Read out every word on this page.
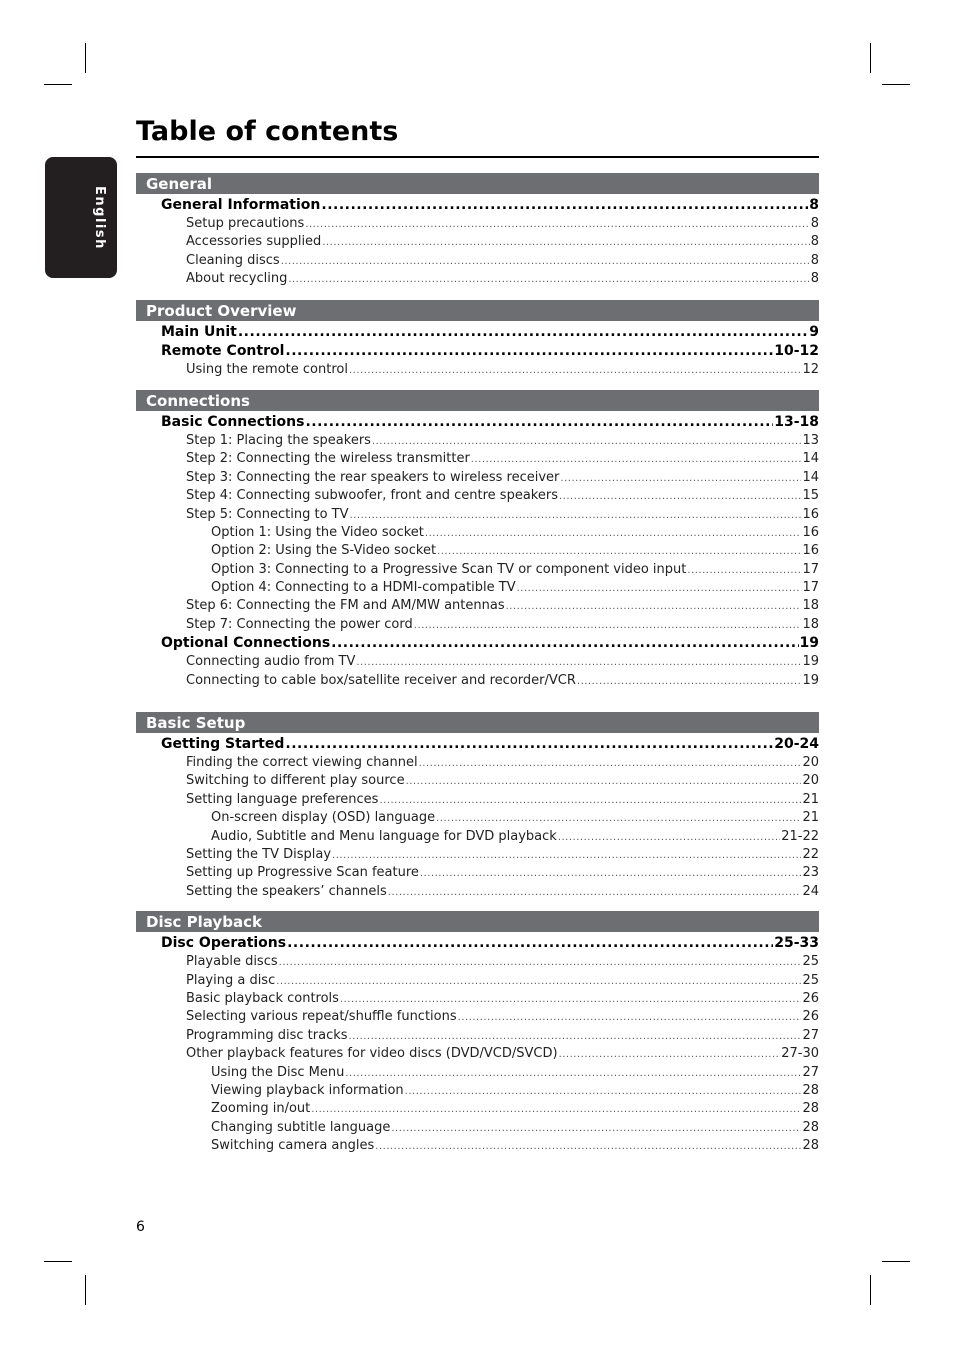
English
Table of contents
General
General Information .....	8
Setup precautions .....	8
Accessories supplied .....	8
Cleaning discs .....	8
About recycling .....	8
Product Overview
Main Unit .....	9
Remote Control .....	10-12
Using the remote control .....	12
Connections
Basic Connections .....	13-18
Step 1: Placing the speakers .....	13
Step 2: Connecting the wireless transmitter .....	14
Step 3: Connecting the rear speakers to wireless receiver .....	14
Step 4: Connecting subwoofer, front and centre speakers .....	15
Step 5: Connecting to TV .....	16
Option 1: Using the Video socket .....	16
Option 2: Using the S-Video socket .....	16
Option 3: Connecting to a Progressive Scan TV or component video input .....	17
Option 4: Connecting to a HDMI-compatible TV .....	17
Step 6: Connecting the FM and AM/MW antennas .....	18
Step 7: Connecting the power cord .....	18
Optional Connections .....	19
Connecting audio from TV .....	19
Connecting to cable box/satellite receiver and recorder/VCR .....	19
Basic Setup
Getting Started .....	20-24
Finding the correct viewing channel .....	20
Switching to different play source .....	20
Setting language preferences .....	21
On-screen display (OSD) language .....	21
Audio, Subtitle and Menu language for DVD playback .....	21-22
Setting the TV Display .....	22
Setting up Progressive Scan feature .....	23
Setting the speakers’ channels .....	24
Disc Playback
Disc Operations .....	25-33
Playable discs .....	25
Playing a disc .....	25
Basic playback controls .....	26
Selecting various repeat/shuffle functions .....	26
Programming disc tracks .....	27
Other playback features for video discs (DVD/VCD/SVCD) .....	27-30
Using the Disc Menu .....	27
Viewing playback information .....	28
Zooming in/out .....	28
Changing subtitle language .....	28
Switching camera angles .....	28
6
